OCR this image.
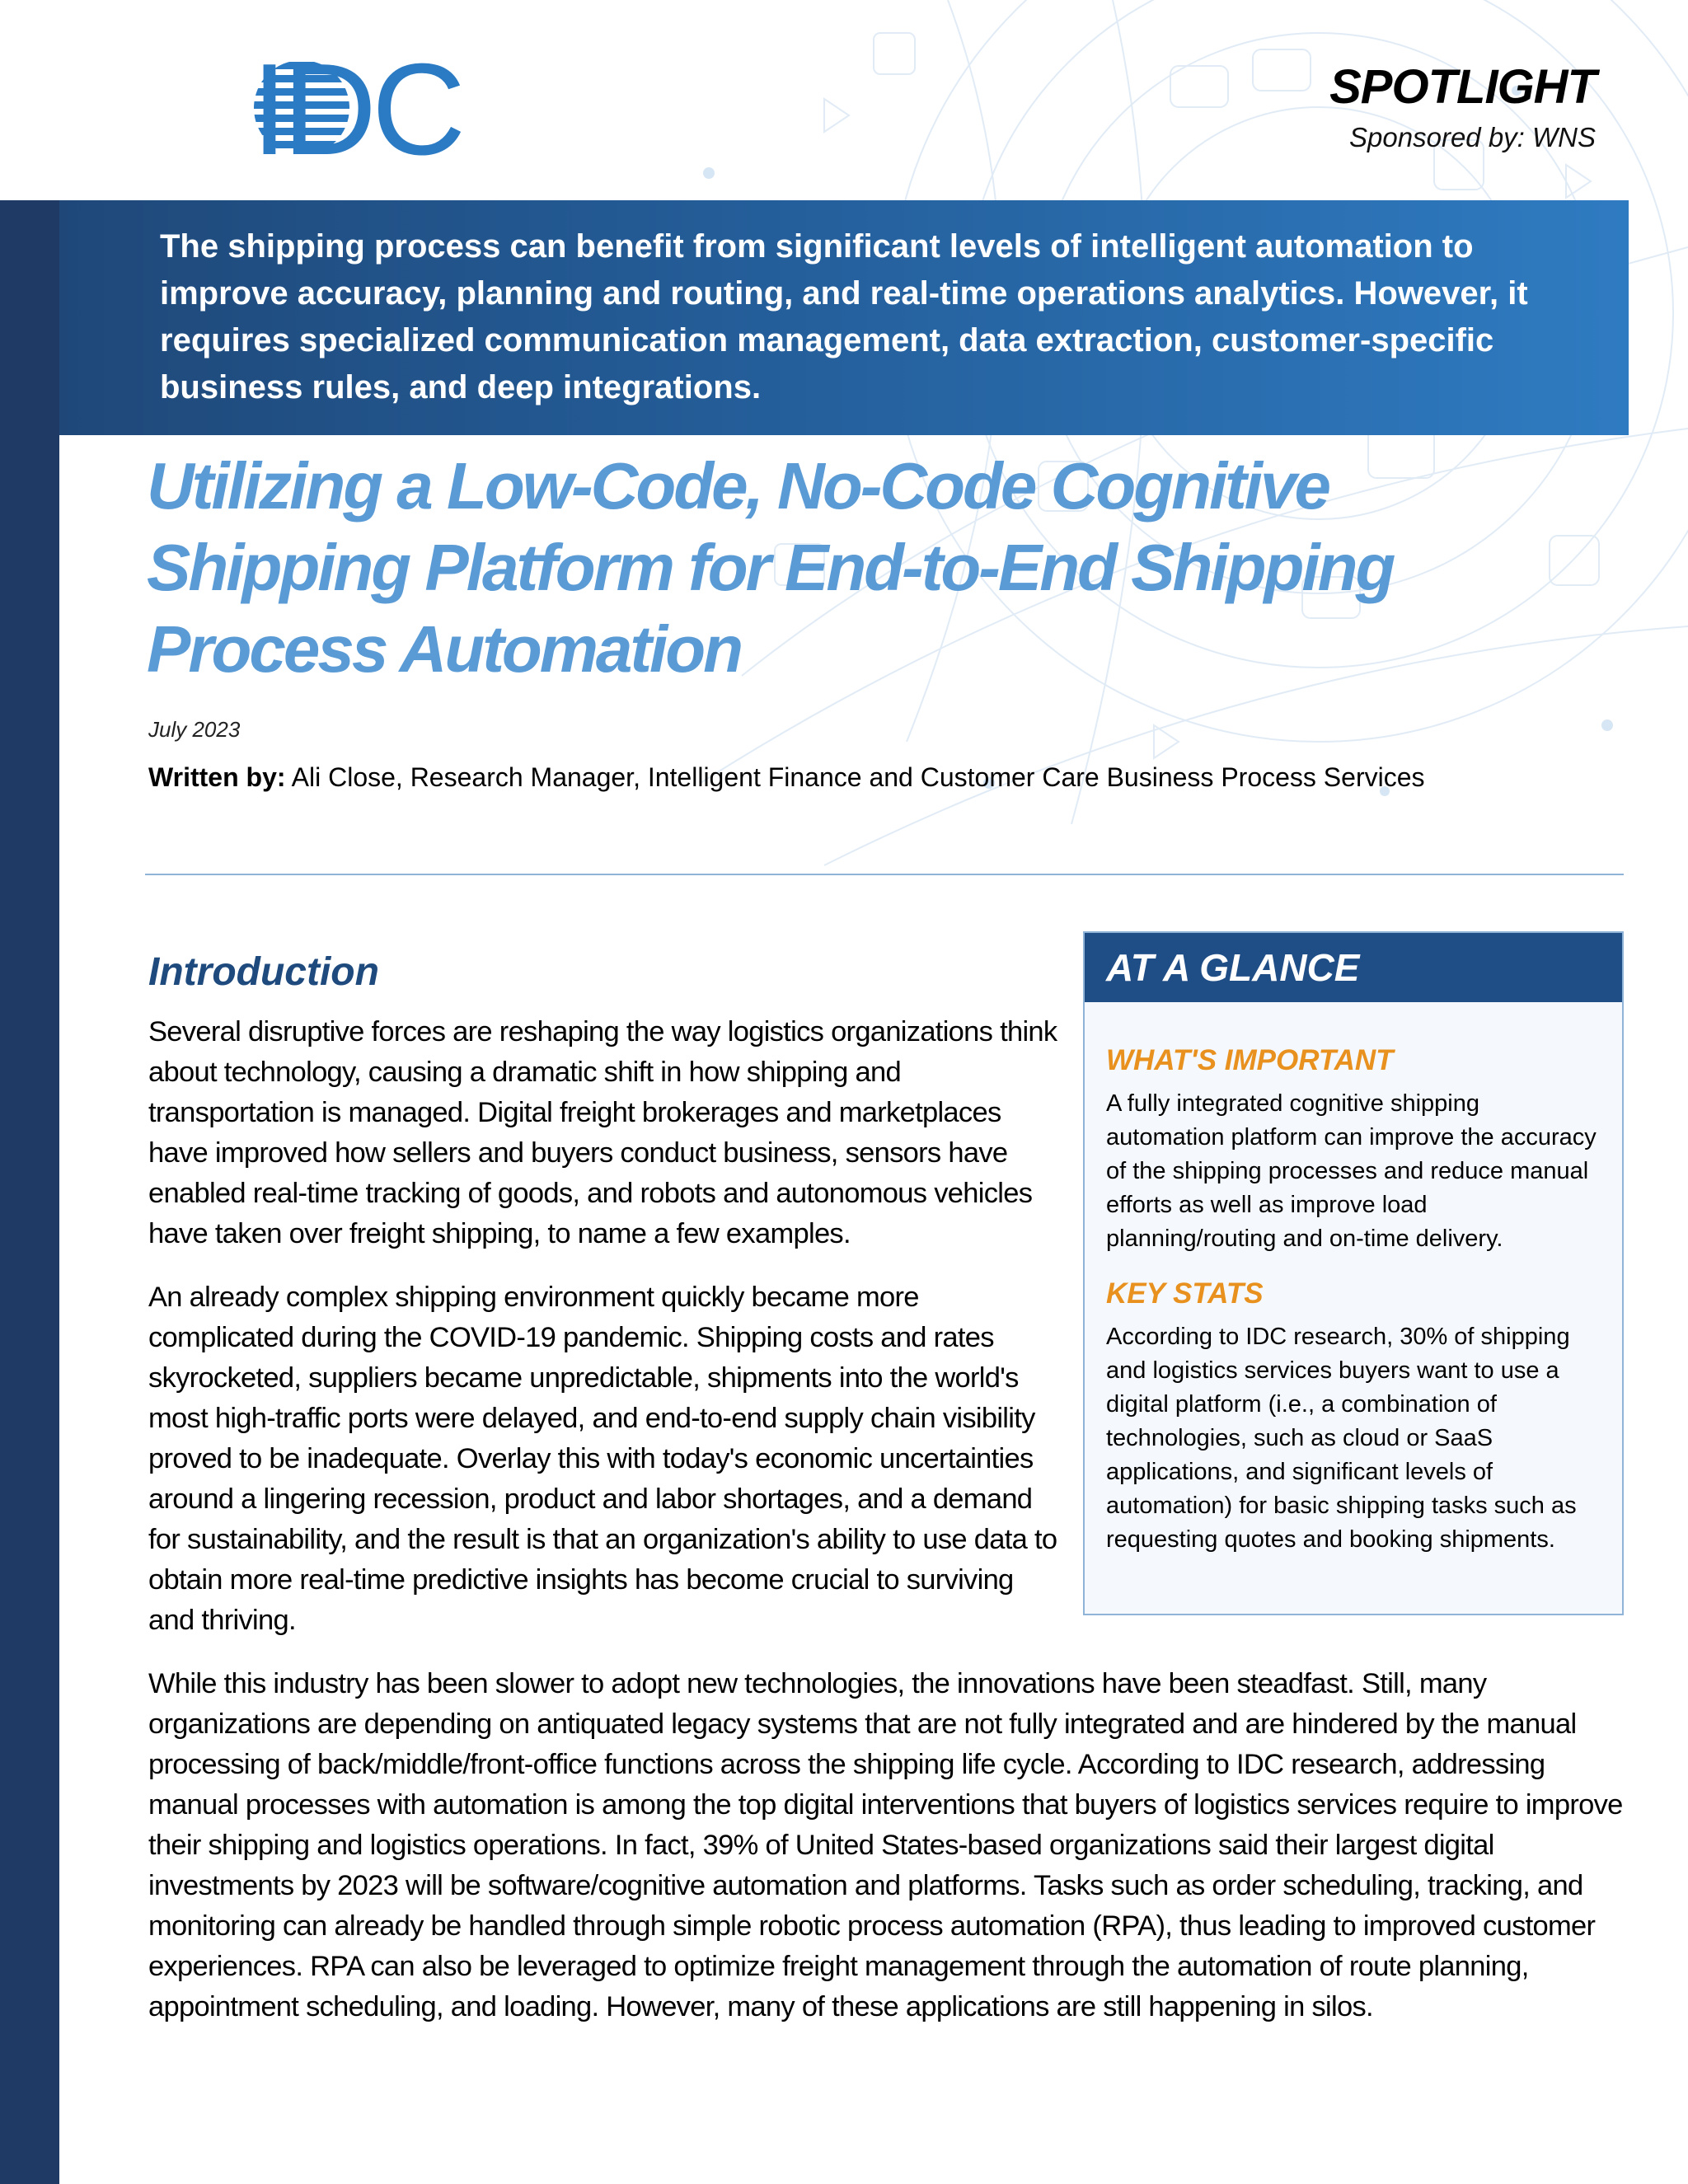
IDC	SPOTLIGHT
Sponsored by: WNS
The shipping process can benefit from significant levels of intelligent automation to improve accuracy, planning and routing, and real-time operations analytics. However, it requires specialized communication management, data extraction, customer-specific business rules, and deep integrations.
Utilizing a Low-Code, No-Code Cognitive
Shipping Platform for End-to-End Shipping
Process Automation
July 2023
Written by: Ali Close, Research Manager, Intelligent Finance and Customer Care Business Process Services
Introduction

Several disruptive forces are reshaping the way logistics organizations think about technology, causing a dramatic shift in how shipping and transportation is managed. Digital freight brokerages and marketplaces have improved how sellers and buyers conduct business, sensors have enabled real-time tracking of goods, and robots and autonomous vehicles have taken over freight shipping, to name a few examples.

An already complex shipping environment quickly became more complicated during the COVID-19 pandemic. Shipping costs and rates skyrocketed, suppliers became unpredictable, shipments into the world's most high-traffic ports were delayed, and end-to-end supply chain visibility proved to be inadequate. Overlay this with today's economic uncertainties around a lingering recession, product and labor shortages, and a demand for sustainability, and the result is that an organization's ability to use data to obtain more real-time predictive insights has become crucial to surviving and thriving.

While this industry has been slower to adopt new technologies, the innovations have been steadfast. Still, many organizations are depending on antiquated legacy systems that are not fully integrated and are hindered by the manual processing of back/middle/front-office functions across the shipping life cycle. According to IDC research, addressing manual processes with automation is among the top digital interventions that buyers of logistics services require to improve their shipping and logistics operations. In fact, 39% of United States-based organizations said their largest digital investments by 2023 will be software/cognitive automation and platforms. Tasks such as order scheduling, tracking, and monitoring can already be handled through simple robotic process automation (RPA), thus leading to improved customer experiences. RPA can also be leveraged to optimize freight management through the automation of route planning, appointment scheduling, and loading. However, many of these applications are still happening in silos.

AT A GLANCE
WHAT'S IMPORTANT

A fully integrated cognitive shipping automation platform can improve the accuracy of the shipping processes and reduce manual efforts as well as improve load planning/routing and on-time delivery.

KEY STATS

According to IDC research, 30% of shipping and logistics services buyers want to use a digital platform (i.e., a combination of technologies, such as cloud or SaaS applications, and significant levels of automation) for basic shipping tasks such as requesting quotes and booking shipments.
